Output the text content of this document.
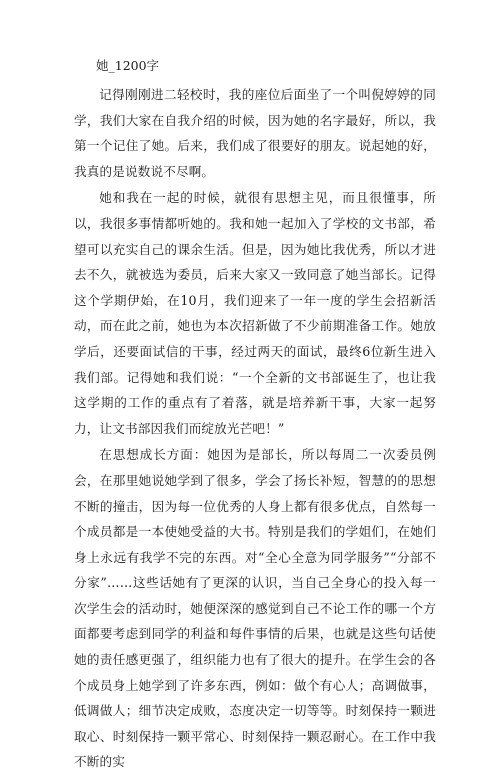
她_1200字

记得刚刚进二轻校时，我的座位后面坐了一个叫倪婷婷的同学，我们大家在自我介绍的时候，因为她的名字最好，所以，我第一个记住了她。后来，我们成了很要好的朋友。说起她的好，我真的是说数说不尽啊。

她和我在一起的时候，就很有思想主见，而且很懂事，所以，我很多事情都听她的。我和她一起加入了学校的文书部，希望可以充实自己的课余生活。但是，因为她比我优秀，所以才进去不久，就被选为委员，后来大家又一致同意了她当部长。记得这个学期伊始，在10月，我们迎来了一年一度的学生会招新活动，而在此之前，她也为本次招新做了不少前期准备工作。她放学后，还要面试信的干事，经过两天的面试，最终6位新生进入我们部。记得她和我们说：“一个全新的文书部诞生了，也让我这学期的工作的重点有了着落，就是培养新干事，大家一起努力，让文书部因我们而绽放光芒吧！”

在思想成长方面：她因为是部长，所以每周二一次委员例会，在那里她说她学到了很多，学会了扬长补短，智慧的的思想不断的撞击，因为每一位优秀的人身上都有很多优点，自然每一个成员都是一本使她受益的大书。特别是我们的学姐们，在她们身上永远有我学不完的东西。对“全心全意为同学服务”“分部不分家”……这些话她有了更深的认识，当自己全身心的投入每一次学生会的活动时，她便深深的感觉到自己不论工作的哪一个方面都要考虑到同学的利益和每件事情的后果，也就是这些句话使她的责任感更强了，组织能力也有了很大的提升。在学生会的各个成员身上她学到了许多东西，例如：做个有心人；高调做事，低调做人；细节决定成败，态度决定一切等等。时刻保持一颗进取心、时刻保持一颗平常心、时刻保持一颗忍耐心。在工作中我不断的实
